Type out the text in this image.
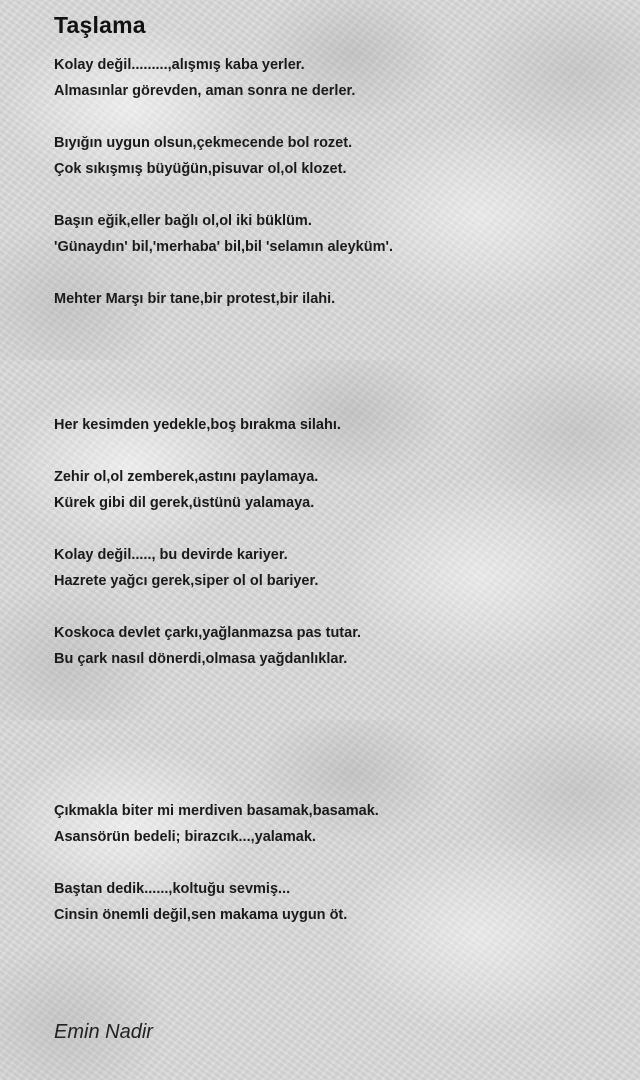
Taşlama

Kolay değil.........,alışmış kaba yerler.

Almasınlar görevden, aman sonra ne derler.

Bıyığın uygun olsun,çekmecende bol rozet.

Çok sıkışmış büyüğün,pisuvar ol,ol klozet.

Başın eğik,eller bağlı ol,ol iki büklüm.

'Günaydın' bil,'merhaba' bil,bil 'selamın aleyküm'.

Mehter Marşı bir tane,bir protest,bir ilahi.

Her kesimden yedekle,boş bırakma silahı.

Zehir ol,ol zemberek,astını paylamaya.

Kürek gibi dil gerek,üstünü yalamaya.

Kolay değil....., bu devirde kariyer.

Hazrete yağcı gerek,siper ol ol bariyer.

Koskoca devlet çarkı,yağlanmazsa pas tutar.

Bu çark nasıl dönerdi,olmasa yağdanlıklar.

Çıkmakla biter mi merdiven basamak,basamak.

Asansörün bedeli; birazcık...,yalamak.

Baştan dedik......,koltuğu sevmiş...

Cinsin önemli değil,sen makama uygun öt.

Emin Nadir
